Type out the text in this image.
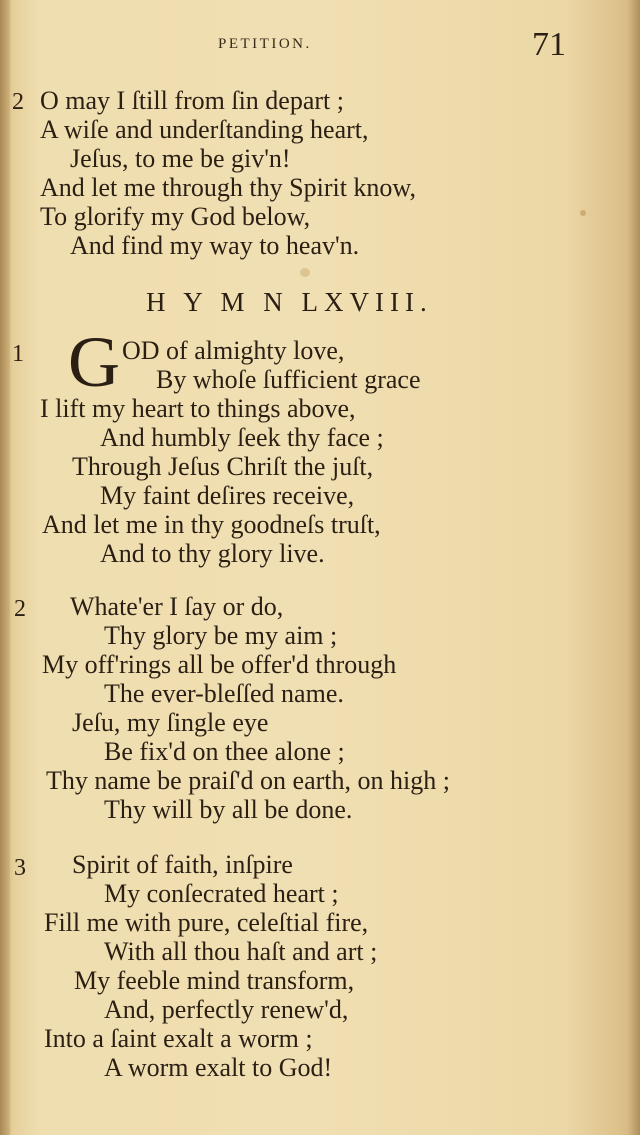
PETITION.	71
2 O may I ſtill from ſin depart ;
A wiſe and underſtanding heart,
Jeſus, to me be giv'n!
And let me through thy Spirit know,
To glorify my God below,
And find my way to heav'n.
H Y M N LXVIII.
1 G OD of almighty love,
By whoſe ſufficient grace
I lift my heart to things above,
And humbly ſeek thy face ;
Through Jeſus Chriſt the juſt,
My faint deſires receive,
And let me in thy goodneſs truſt,
And to thy glory live.
2 Whate'er I ſay or do,
Thy glory be my aim ;
My off'rings all be offer'd through
The ever-bleſſed name.
Jeſu, my ſingle eye
Be fix'd on thee alone ;
Thy name be praiſ'd on earth, on high ;
Thy will by all be done.
3 Spirit of faith, inſpire
My conſecrated heart ;
Fill me with pure, celeſtial fire,
With all thou haſt and art ;
My feeble mind transform,
And, perfectly renew'd,
Into a ſaint exalt a worm ;
A worm exalt to God!
